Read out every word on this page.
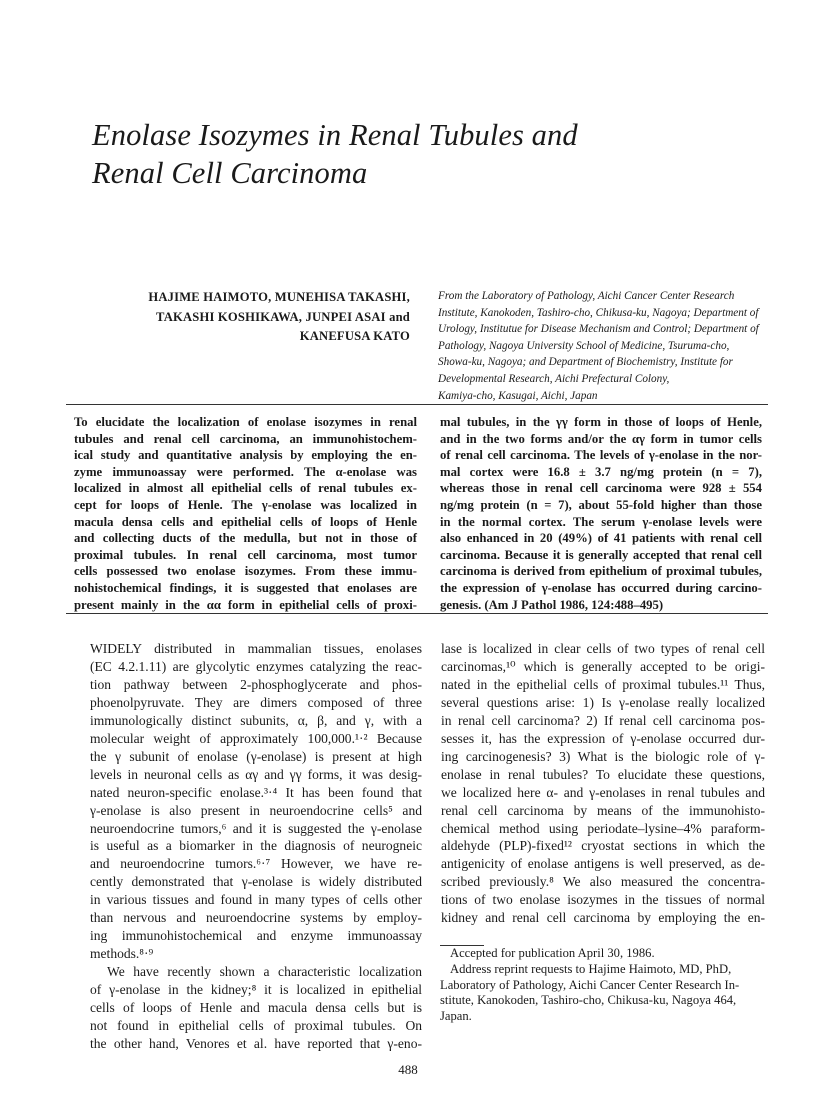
Enolase Isozymes in Renal Tubules and
Renal Cell Carcinoma
HAJIME HAIMOTO, MUNEHISA TAKASHI,
TAKASHI KOSHIKAWA, JUNPEI ASAI and
KANEFUSA KATO
From the Laboratory of Pathology, Aichi Cancer Center Research
Institute, Kanokoden, Tashiro-cho, Chikusa-ku, Nagoya; Department of
Urology, Institutue for Disease Mechanism and Control; Department of
Pathology, Nagoya University School of Medicine, Tsuruma-cho,
Showa-ku, Nagoya; and Department of Biochemistry, Institute for
Developmental Research, Aichi Prefectural Colony,
Kamiya-cho, Kasugai, Aichi, Japan
To elucidate the localization of enolase isozymes in renal
tubules and renal cell carcinoma, an immunohistochem-
ical study and quantitative analysis by employing the en-
zyme immunoassay were performed. The α-enolase was
localized in almost all epithelial cells of renal tubules ex-
cept for loops of Henle. The γ-enolase was localized in
macula densa cells and epithelial cells of loops of Henle
and collecting ducts of the medulla, but not in those of
proximal tubules. In renal cell carcinoma, most tumor
cells possessed two enolase isozymes. From these immu-
nohistochemical findings, it is suggested that enolases are
present mainly in the αα form in epithelial cells of proxi-
mal tubules, in the γγ form in those of loops of Henle,
and in the two forms and/or the αγ form in tumor cells
of renal cell carcinoma. The levels of γ-enolase in the nor-
mal cortex were 16.8 ± 3.7 ng/mg protein (n = 7),
whereas those in renal cell carcinoma were 928 ± 554
ng/mg protein (n = 7), about 55-fold higher than those
in the normal cortex. The serum γ-enolase levels were
also enhanced in 20 (49%) of 41 patients with renal cell
carcinoma. Because it is generally accepted that renal cell
carcinoma is derived from epithelium of proximal tubules,
the expression of γ-enolase has occurred during carcino-
genesis. (Am J Pathol 1986, 124:488–495)
WIDELY distributed in mammalian tissues, enolases
(EC 4.2.1.11) are glycolytic enzymes catalyzing the reac-
tion pathway between 2-phosphoglycerate and phos-
phoenolpyruvate. They are dimers composed of three
immunologically distinct subunits, α, β, and γ, with a
molecular weight of approximately 100,000.¹·² Because
the γ subunit of enolase (γ-enolase) is present at high
levels in neuronal cells as αγ and γγ forms, it was desig-
nated neuron-specific enolase.³·⁴ It has been found that
γ-enolase is also present in neuroendocrine cells⁵ and
neuroendocrine tumors,⁶ and it is suggested the γ-enolase
is useful as a biomarker in the diagnosis of neurogneic
and neuroendocrine tumors.⁶·⁷ However, we have re-
cently demonstrated that γ-enolase is widely distributed
in various tissues and found in many types of cells other
than nervous and neuroendocrine systems by employ-
ing immunohistochemical and enzyme immunoassay
methods.⁸·⁹
We have recently shown a characteristic localization
of γ-enolase in the kidney;⁸ it is localized in epithelial
cells of loops of Henle and macula densa cells but is
not found in epithelial cells of proximal tubules. On
the other hand, Venores et al. have reported that γ-eno-
lase is localized in clear cells of two types of renal cell
carcinomas,¹⁰ which is generally accepted to be origi-
nated in the epithelial cells of proximal tubules.¹¹ Thus,
several questions arise: 1) Is γ-enolase really localized
in renal cell carcinoma? 2) If renal cell carcinoma pos-
sesses it, has the expression of γ-enolase occurred dur-
ing carcinogenesis? 3) What is the biologic role of γ-
enolase in renal tubules? To elucidate these questions,
we localized here α- and γ-enolases in renal tubules and
renal cell carcinoma by means of the immunohisto-
chemical method using periodate–lysine–4% paraform-
aldehyde (PLP)-fixed¹² cryostat sections in which the
antigenicity of enolase antigens is well preserved, as de-
scribed previously.⁸ We also measured the concentra-
tions of two enolase isozymes in the tissues of normal
kidney and renal cell carcinoma by employing the en-
Accepted for publication April 30, 1986.
Address reprint requests to Hajime Haimoto, MD, PhD,
Laboratory of Pathology, Aichi Cancer Center Research In-
stitute, Kanokoden, Tashiro-cho, Chikusa-ku, Nagoya 464,
Japan.
488
